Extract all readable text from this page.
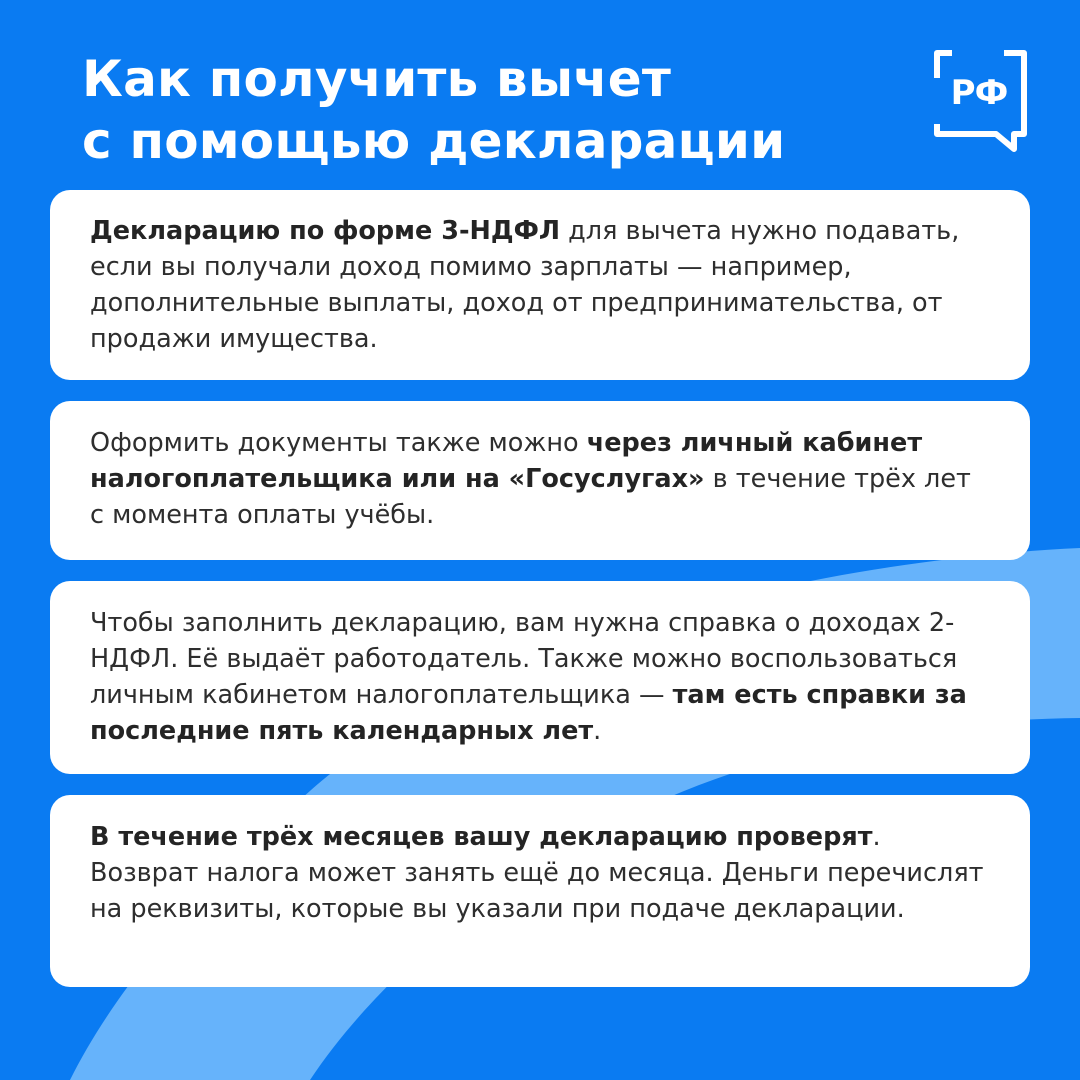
Как получить вычет
с помощью декларации
РФ

Декларацию по форме 3-НДФЛ для вычета нужно подавать, если вы получали доход помимо зарплаты — например, дополнительные выплаты, доход от предпринимательства, от продажи имущества.

Оформить документы также можно через личный кабинет налогоплательщика или на «Госуслугах» в течение трёх лет с момента оплаты учёбы.

Чтобы заполнить декларацию, вам нужна справка о доходах 2-НДФЛ. Её выдаёт работодатель. Также можно воспользоваться личным кабинетом налогоплательщика — там есть справки за последние пять календарных лет.

В течение трёх месяцев вашу декларацию проверят. Возврат налога может занять ещё до месяца. Деньги перечислят на реквизиты, которые вы указали при подаче декларации.
